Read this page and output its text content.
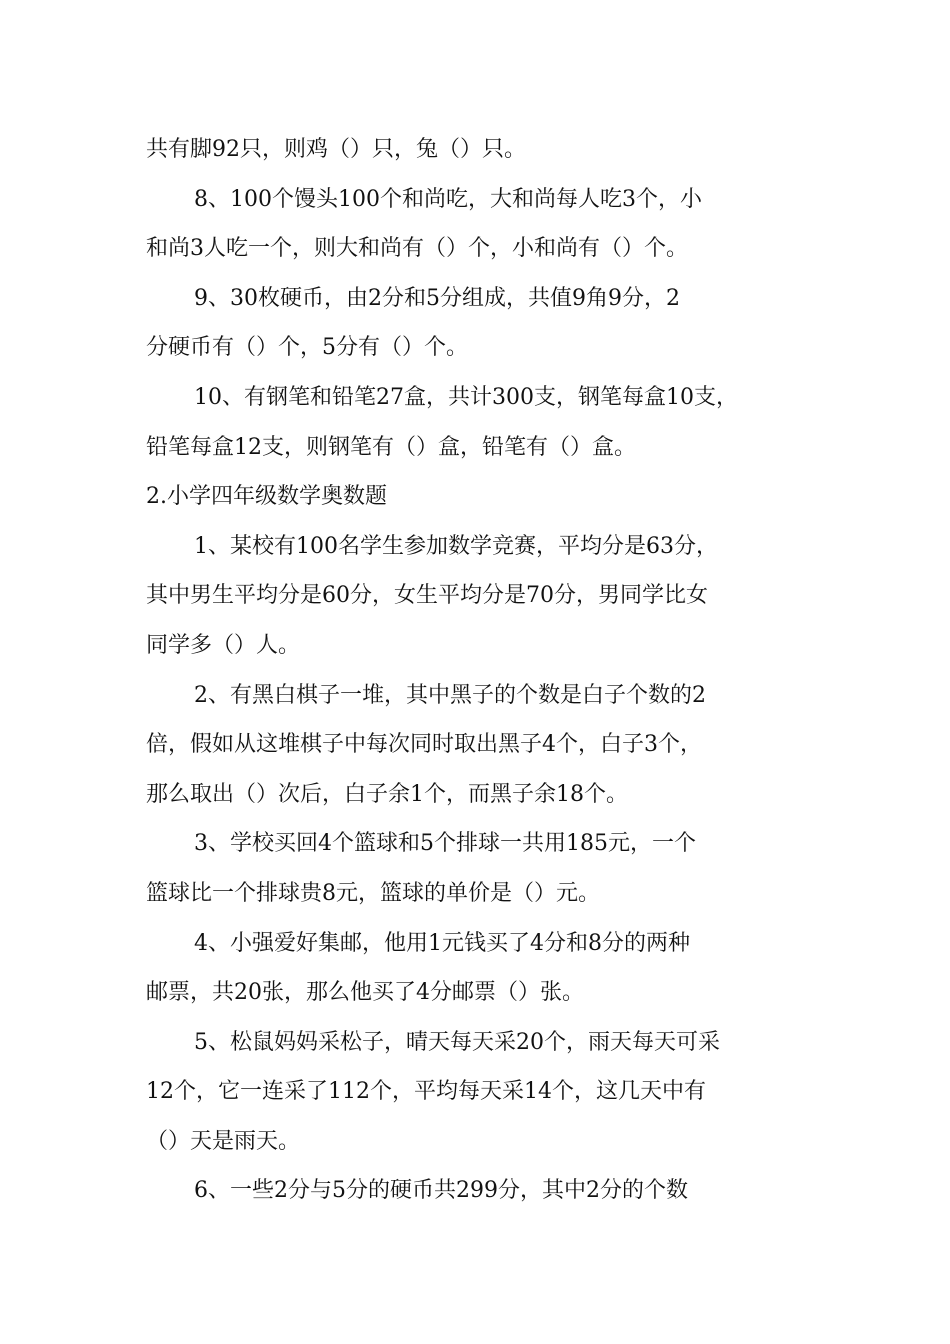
共有脚92只，则鸡（）只，兔（）只。
8、100个馒头100个和尚吃，大和尚每人吃3个，小
和尚3人吃一个，则大和尚有（）个，小和尚有（）个。
9、30枚硬币，由2分和5分组成，共值9角9分，2
分硬币有（）个，5分有（）个。
10、有钢笔和铅笔27盒，共计300支，钢笔每盒10支，
铅笔每盒12支，则钢笔有（）盒，铅笔有（）盒。
2.小学四年级数学奥数题
1、某校有100名学生参加数学竞赛，平均分是63分，
其中男生平均分是60分，女生平均分是70分，男同学比女
同学多（）人。
2、有黑白棋子一堆，其中黑子的个数是白子个数的2
倍，假如从这堆棋子中每次同时取出黑子4个，白子3个，
那么取出（）次后，白子余1个，而黑子余18个。
3、学校买回4个篮球和5个排球一共用185元，一个
篮球比一个排球贵8元，篮球的单价是（）元。
4、小强爱好集邮，他用1元钱买了4分和8分的两种
邮票，共20张，那么他买了4分邮票（）张。
5、松鼠妈妈采松子，晴天每天采20个，雨天每天可采
12个，它一连采了112个，平均每天采14个，这几天中有
（）天是雨天。
6、一些2分与5分的硬币共299分，其中2分的个数
